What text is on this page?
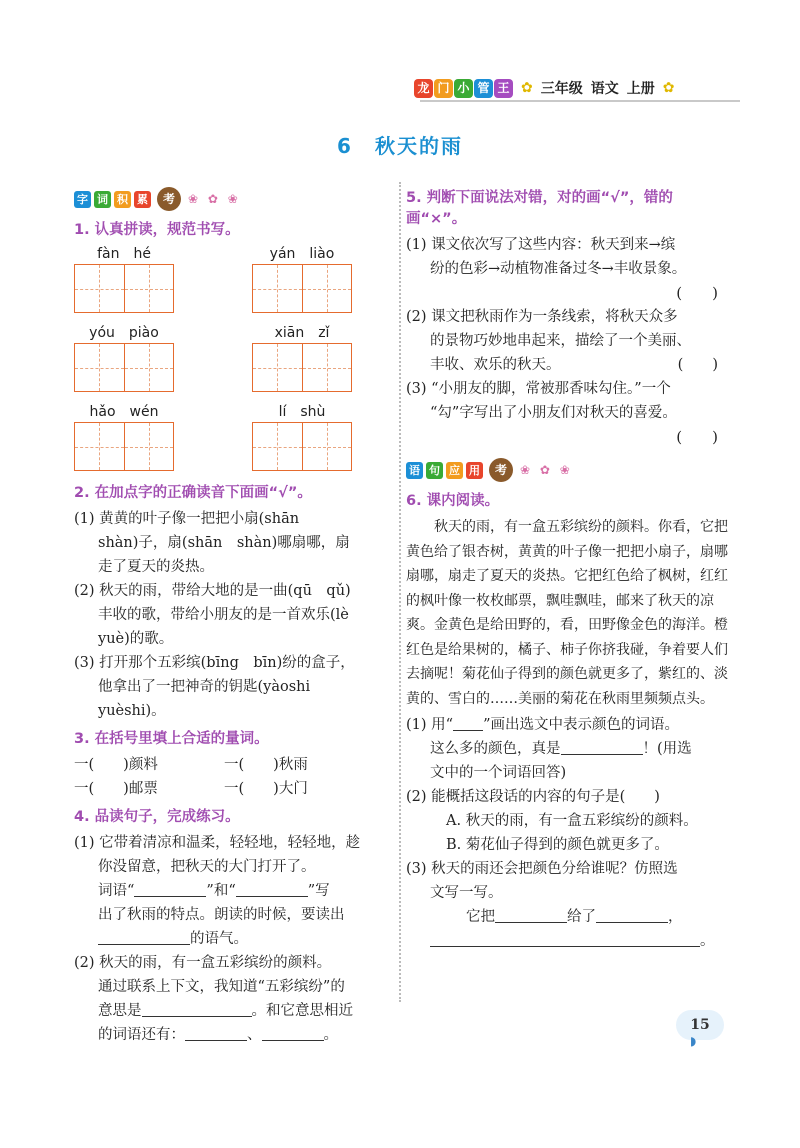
龙 门 小 管 王 ✿ 三年级 语文 上册 ✿
6 秋天的雨
字 词 积 累	考	❀ ✿ ❀
1. 认真拼读，规范书写。
fàn　hé	yán　liào
yóu　piào	xiān　zǐ
hǎo　wén	lí　shù
2. 在加点字的正确读音下面画“√”。
(1) 黄黄的叶子像一把把小扇(shān
shàn)子，扇(shān　shàn)哪扇哪，扇
走了夏天的炎热。
(2) 秋天的雨，带给大地的是一曲(qū　qǔ)
丰收的歌，带给小朋友的是一首欢乐(lè
yuè)的歌。
(3) 打开那个五彩缤(bīng　bīn)纷的盒子，
他拿出了一把神奇的钥匙(yàoshi
yuèshi)。
3. 在括号里填上合适的量词。
一(　　)颜料	一(　　)秋雨
一(　　)邮票	一(　　)大门
4. 品读句子，完成练习。
(1) 它带着清凉和温柔，轻轻地，轻轻地，趁
你没留意，把秋天的大门打开了。
词语“	”和“	”写
出了秋雨的特点。朗读的时候，要读出
的语气。
(2) 秋天的雨，有一盒五彩缤纷的颜料。
通过联系上下文，我知道“五彩缤纷”的
意思是	。和它意思相近
的词语还有：	、	。
5. 判断下面说法对错，对的画“√”，错的画“×”。
(1) 课文依次写了这些内容：秋天到来→缤
纷的色彩→动植物准备过冬→丰收景象。
(　　)
(2) 课文把秋雨作为一条线索，将秋天众多
的景物巧妙地串起来，描绘了一个美丽、
丰收、欢乐的秋天。	(　　)
(3) “小朋友的脚，常被那香味勾住。”一个
“勾”字写出了小朋友们对秋天的喜爱。
(　　)
语 句 应 用	考	❀ ✿ ❀
6. 课内阅读。
秋天的雨，有一盒五彩缤纷的颜料。你看，它把黄色给了银杏树，黄黄的叶子像一把把小扇子，扇哪扇哪，扇走了夏天的炎热。它把红色给了枫树，红红的枫叶像一枚枚邮票，飘哇飘哇，邮来了秋天的凉爽。金黄色是给田野的，看，田野像金色的海洋。橙红色是给果树的，橘子、柿子你挤我碰，争着要人们去摘呢！菊花仙子得到的颜色就更多了，紫红的、淡黄的、雪白的……美丽的菊花在秋雨里频频点头。
(1) 用“ ”画出选文中表示颜色的词语。
这么多的颜色，真是	！(用选
文中的一个词语回答)
(2) 能概括这段话的内容的句子是(　　)
A. 秋天的雨，有一盒五彩缤纷的颜料。
B. 菊花仙子得到的颜色就更多了。
(3) 秋天的雨还会把颜色分给谁呢？仿照选
文写一写。
它把	给了	，
。
15
◗
